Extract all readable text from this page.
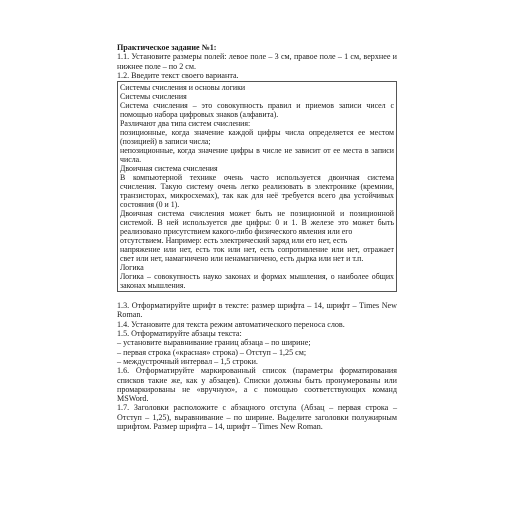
Практическое задание №1:
1.1. Установите размеры полей: левое поле – 3 см, правое поле – 1 см, верхнее и
нижнее поле – по 2 см.
1.2. Введите текст своего варианта.
Системы счисления и основы логики
Системы счисления
Система счисления – это совокупность правил и приемов записи чисел с
помощью набора цифровых знаков (алфавита).
Различают два типа систем счисления:
позиционные, когда значение каждой цифры числа определяется ее местом
(позицией) в записи числа;
непозиционные, когда значение цифры в числе не зависит от ее места в записи
числа.
Двоичная система счисления
В компьютерной технике очень часто используется двоичная система
счисления. Такую систему очень легко реализовать в электронике (кремнии,
транзисторах, микросхемах), так как для неё требуется всего два устойчивых
состояния (0 и 1).
Двоичная система счисления может быть не позиционной и позиционной
системой. В ней используется две цифры: 0 и 1. В железе это может быть
реализовано присутствием какого-либо физического явления или его
отсутствием. Например: есть электрический заряд или его нет, есть
напряжение или нет, есть ток или нет, есть сопротивление или нет, отражает
свет или нет, намагничено или ненамагничено, есть дырка или нет и т.п.
Логика
Логика – совокупность науко законах и формах мышления, о наиболее общих
законах мышления.
1.3. Отформатируйте шрифт в тексте: размер шрифта – 14, шрифт – Times New
Roman.
1.4. Установите для текста режим автоматического переноса слов.
1.5. Отформатируйте абзацы текста:
– установите выравнивание границ абзаца – по ширине;
– первая строка («красная» строка) – Отступ – 1,25 см;
– междустрочный интервал – 1,5 строки.
1.6. Отформатируйте маркированный список (параметры форматирования
списков такие же, как у абзацев). Списки должны быть пронумерованы или
промаркированы не «вручную», а с помощью соответствующих команд
MSWord.
1.7. Заголовки расположите с абзацного отступа (Абзац – первая строка –
Отступ – 1,25), выравнивание – по ширине. Выделите заголовки полужирным
шрифтом. Размер шрифта – 14, шрифт – Times New Roman.
